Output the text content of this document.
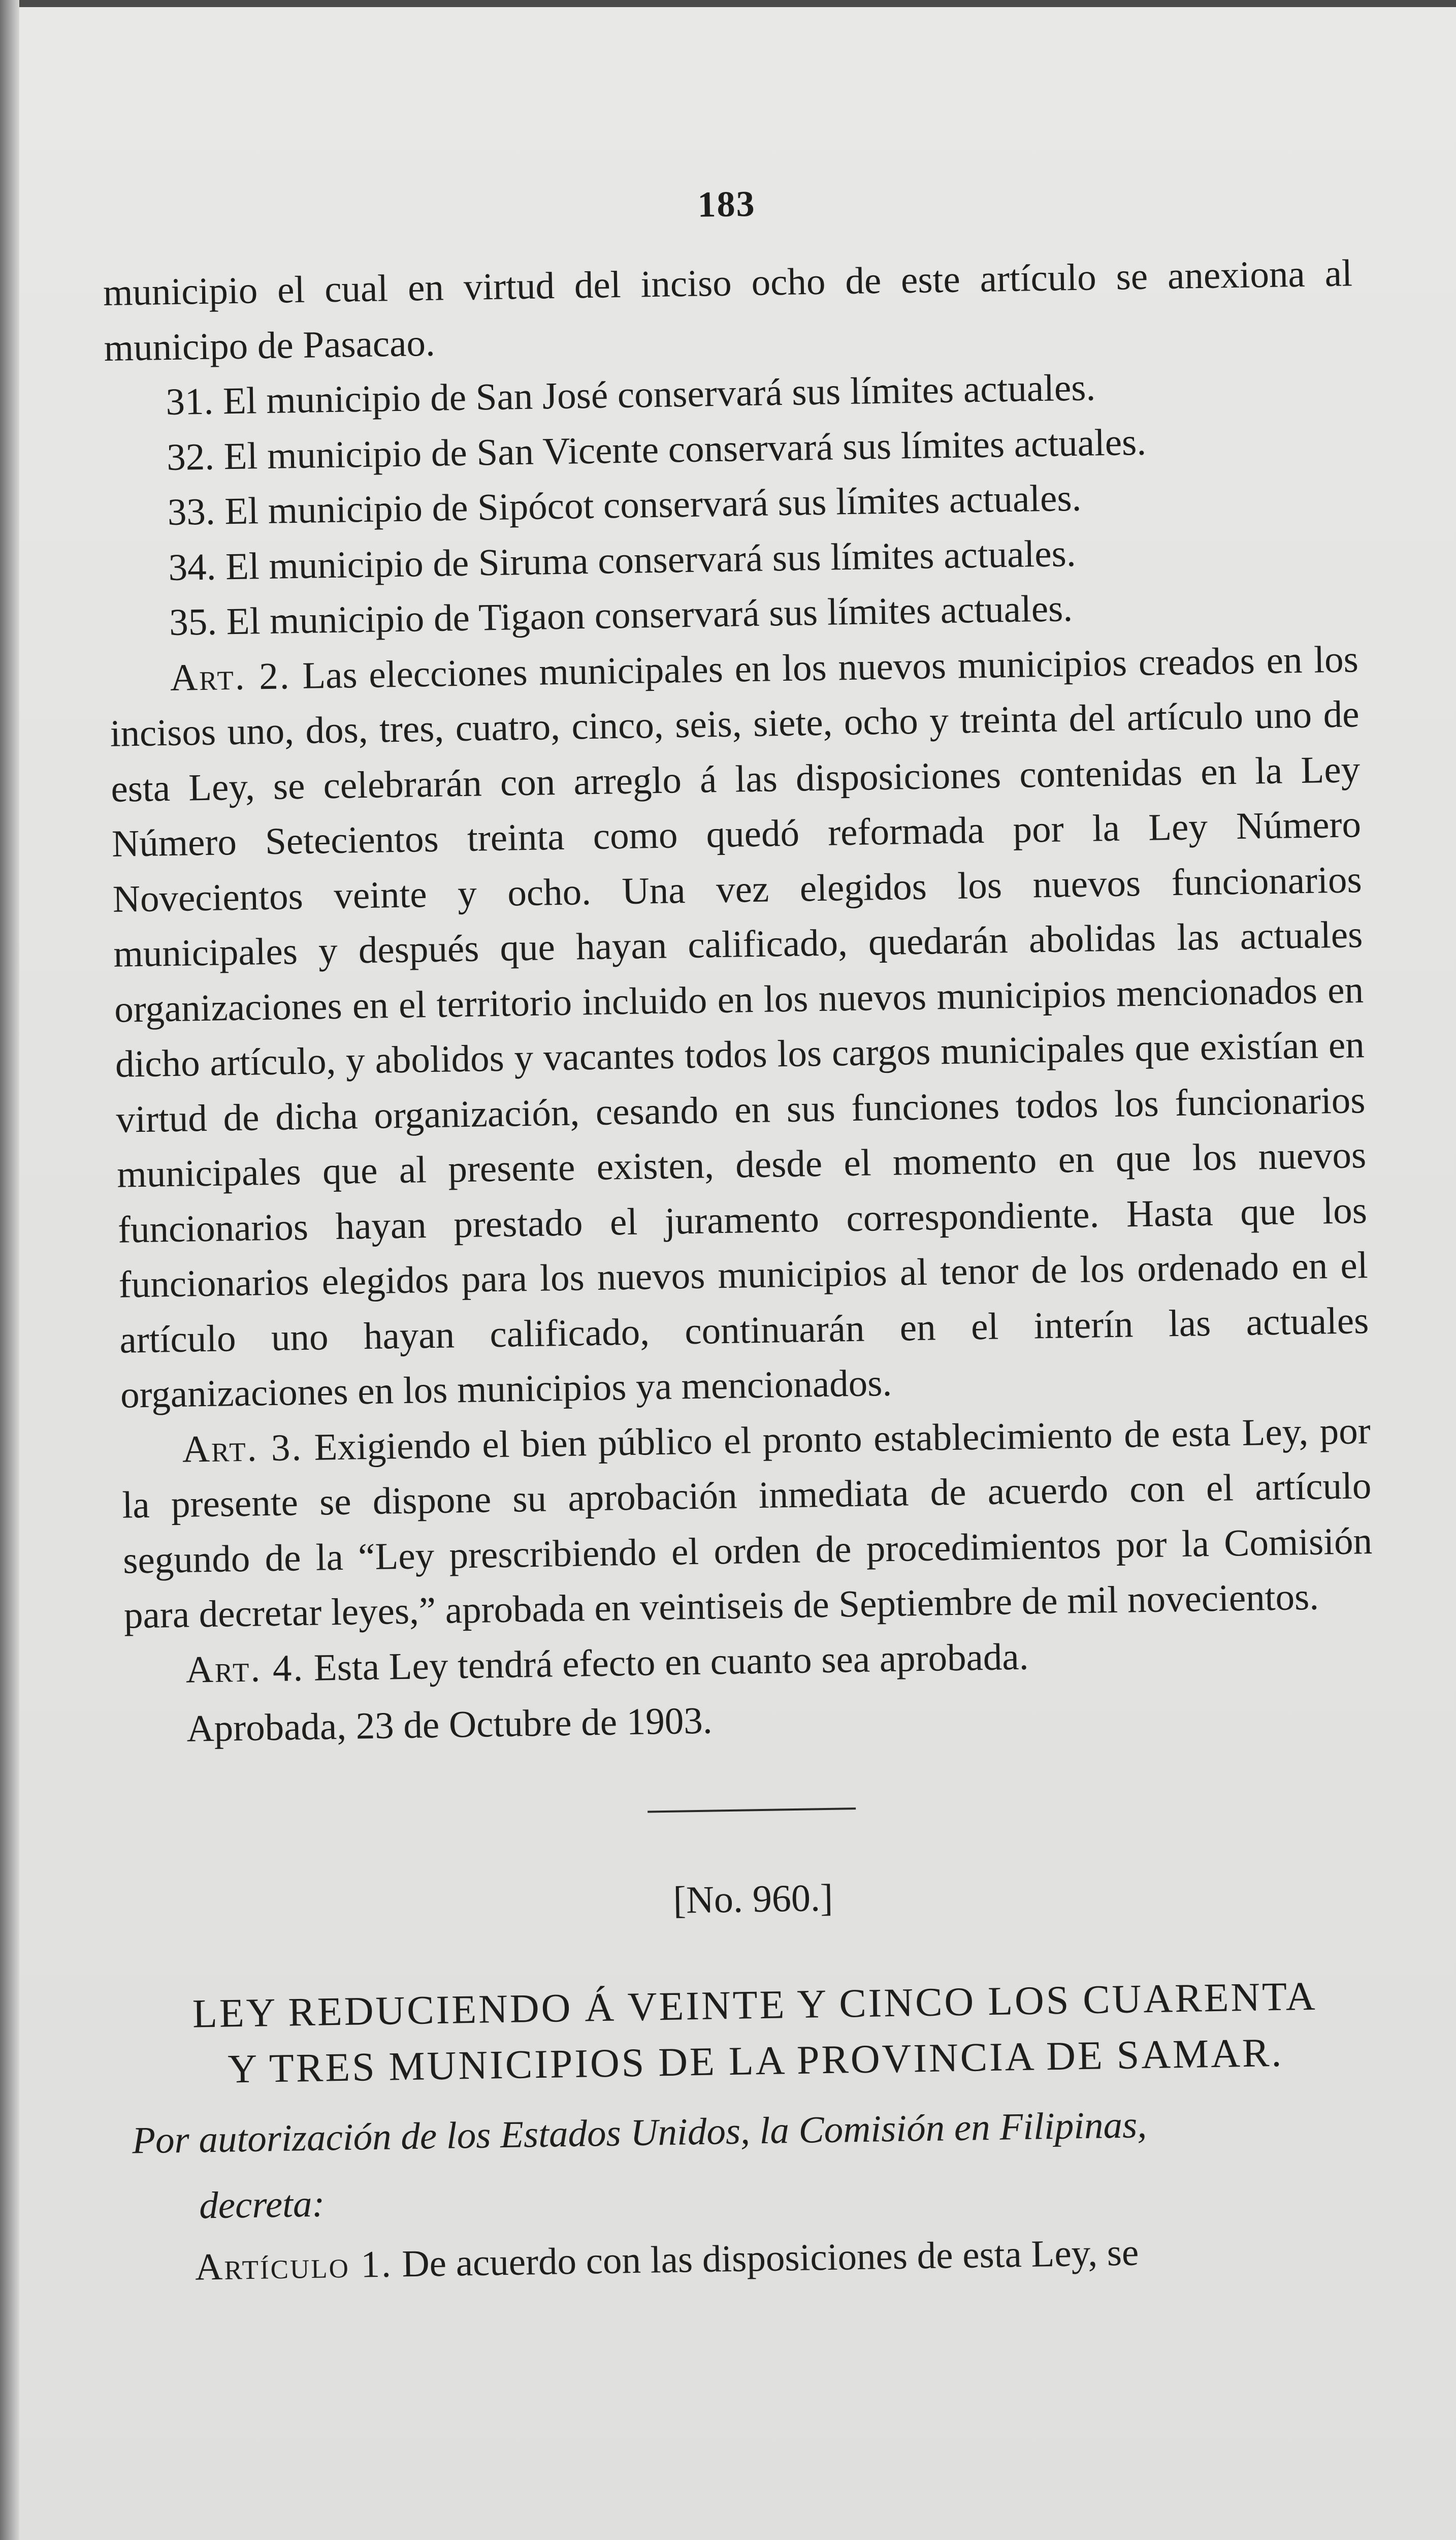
183

municipio el cual en virtud del inciso ocho de este artículo se anexiona al municipo de Pasacao.

31. El municipio de San José conservará sus límites actuales.

32. El municipio de San Vicente conservará sus límites actuales.

33. El municipio de Sipócot conservará sus límites actuales.

34. El municipio de Siruma conservará sus límites actuales.

35. El municipio de Tigaon conservará sus límites actuales.

Art. 2. Las elecciones municipales en los nuevos municipios creados en los incisos uno, dos, tres, cuatro, cinco, seis, siete, ocho y treinta del artículo uno de esta Ley, se celebrarán con arreglo á las disposiciones contenidas en la Ley Número Setecientos treinta como quedó reformada por la Ley Número Novecientos veinte y ocho. Una vez elegidos los nuevos funcionarios municipales y después que hayan calificado, quedarán abolidas las actuales organizaciones en el territorio incluido en los nuevos municipios mencionados en dicho artículo, y abolidos y vacantes todos los cargos municipales que existían en virtud de dicha organización, cesando en sus funciones todos los funcionarios municipales que al presente existen, desde el momento en que los nuevos funcionarios hayan prestado el juramento correspondiente. Hasta que los funcionarios elegidos para los nuevos municipios al tenor de los ordenado en el artículo uno hayan calificado, continuarán en el interín las actuales organizaciones en los municipios ya mencionados.

Art. 3. Exigiendo el bien público el pronto establecimiento de esta Ley, por la presente se dispone su aprobación inmediata de acuerdo con el artículo segundo de la “Ley prescribiendo el orden de procedimientos por la Comisión para decretar leyes,” aprobada en veintiseis de Septiembre de mil novecientos.

Art. 4. Esta Ley tendrá efecto en cuanto sea aprobada.

Aprobada, 23 de Octubre de 1903.

[No. 960.]
LEY REDUCIENDO Á VEINTE Y CINCO LOS CUARENTA
Y TRES MUNICIPIOS DE LA PROVINCIA DE SAMAR.

Por autorización de los Estados Unidos, la Comisión en Filipinas,

decreta:

Artículo 1. De acuerdo con las disposiciones de esta Ley, se
